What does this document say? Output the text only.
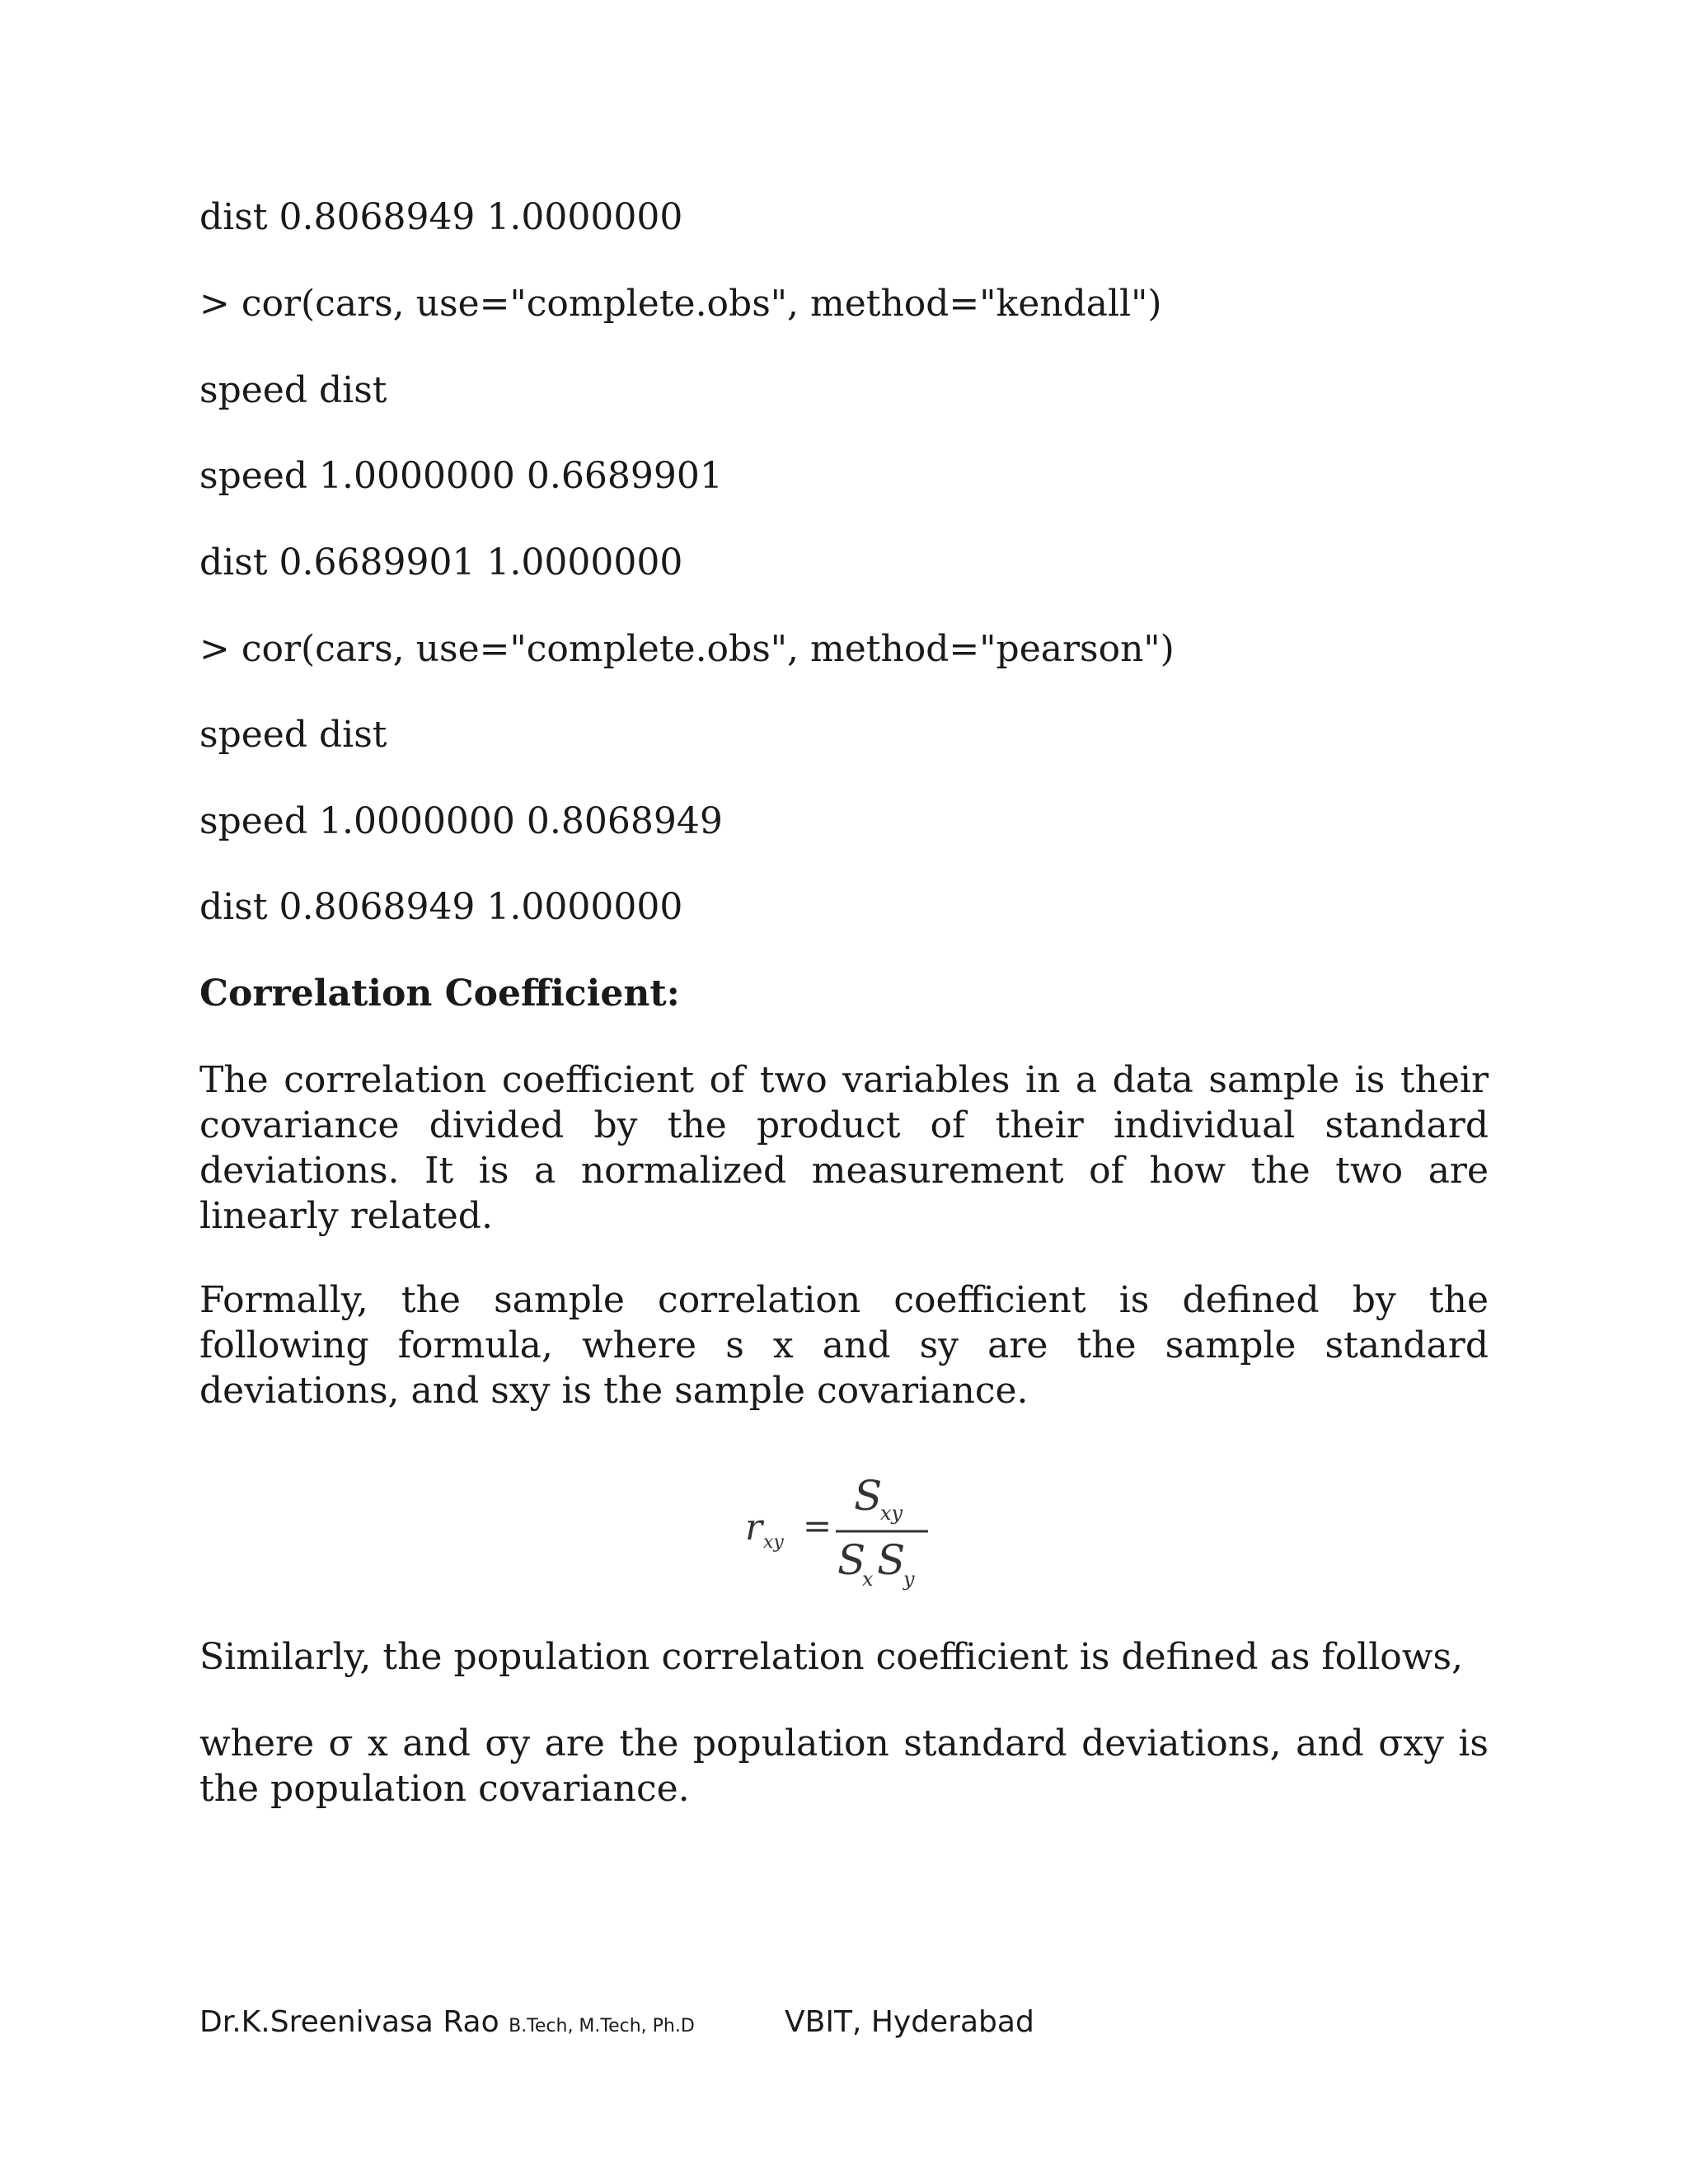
dist 0.8068949 1.0000000

> cor(cars, use="complete.obs", method="kendall")

speed dist

speed 1.0000000 0.6689901

dist 0.6689901 1.0000000

> cor(cars, use="complete.obs", method="pearson")

speed dist

speed 1.0000000 0.8068949

dist 0.8068949 1.0000000

Correlation Coefficient:

The correlation coefficient of two variables in a data sample is their covariance divided by the product of their individual standard deviations. It is a normalized measurement of how the two are linearly related.

Formally, the sample correlation coefficient is defined by the following formula, where s x and sy are the sample standard deviations, and sxy is the sample covariance.

r xy =
S
xy
S
x S
y

Similarly, the population correlation coefficient is defined as follows,

where σ x and σy are the population standard deviations, and σxy is the population covariance.

Dr.K.Sreenivasa Rao B.Tech, M.Tech, Ph.D	VBIT, Hyderabad
